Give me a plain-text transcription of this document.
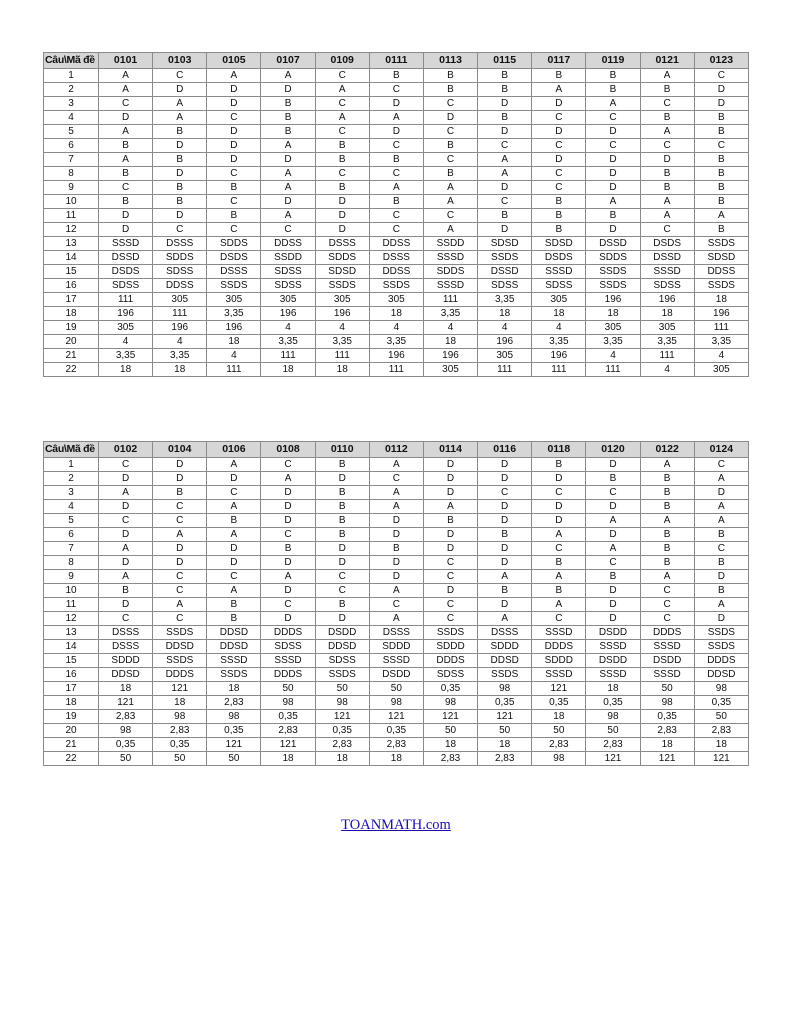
Câu\Mã đề	0101	0103	0105	0107	0109	0111	0113	0115	0117	0119	0121	0123
1	A	C	A	A	C	B	B	B	B	B	A	C
2	A	D	D	D	A	C	B	B	A	B	B	D
3	C	A	D	B	C	D	C	D	D	A	C	D
4	D	A	C	B	A	A	D	B	C	C	B	B
5	A	B	D	B	C	D	C	D	D	D	A	B
6	B	D	D	A	B	C	B	C	C	C	C	C
7	A	B	D	D	B	B	C	A	D	D	D	B
8	B	D	C	A	C	C	B	A	C	D	B	B
9	C	B	B	A	B	A	A	D	C	D	B	B
10	B	B	C	D	D	B	A	C	B	A	A	B
11	D	D	B	A	D	C	C	B	B	B	A	A
12	D	C	C	C	D	C	A	D	B	D	C	B
13	SSSD	DSSS	SDDS	DDSS	DSSS	DDSS	SSDD	SDSD	SDSD	DSSD	DSDS	SSDS
14	DSSD	SDDS	DSDS	SSDD	SDDS	DSSS	SSSD	SSDS	DSDS	SDDS	DSSD	SDSD
15	DSDS	SDSS	DSSS	SDSS	SDSD	DDSS	SDDS	DSSD	SSSD	SSDS	SSSD	DDSS
16	SDSS	DDSS	SSDS	SDSS	SSDS	SSDS	SSSD	SDSS	SDSS	SSDS	SDSS	SSDS
17	111	305	305	305	305	305	111	3,35	305	196	196	18
18	196	111	3,35	196	196	18	3,35	18	18	18	18	196
19	305	196	196	4	4	4	4	4	4	305	305	111
20	4	4	18	3,35	3,35	3,35	18	196	3,35	3,35	3,35	3,35
21	3,35	3,35	4	111	111	196	196	305	196	4	111	4
22	18	18	111	18	18	111	305	111	111	111	4	305
Câu\Mã đề	0102	0104	0106	0108	0110	0112	0114	0116	0118	0120	0122	0124
1	C	D	A	C	B	A	D	D	B	D	A	C
2	D	D	D	A	D	C	D	D	D	B	B	A
3	A	B	C	D	B	A	D	C	C	C	B	D
4	D	C	A	D	B	A	A	D	D	D	B	A
5	C	C	B	D	B	D	B	D	D	A	A	A
6	D	A	A	C	B	D	D	B	A	D	B	B
7	A	D	D	B	D	B	D	D	C	A	B	C
8	D	D	D	D	D	D	C	D	B	C	B	B
9	A	C	C	A	C	D	C	A	A	B	A	D
10	B	C	A	D	C	A	D	B	B	D	C	B
11	D	A	B	C	B	C	C	D	A	D	C	A
12	C	C	B	D	D	A	C	A	C	D	C	D
13	DSSS	SSDS	DDSD	DDDS	DSDD	DSSS	SSDS	DSSS	SSSD	DSDD	DDDS	SSDS
14	DSSS	DDSD	DDSD	SDSS	DDSD	SDDD	SDDD	SDDD	DDDS	SSSD	SSSD	SSDS
15	SDDD	SSDS	SSSD	SSSD	SDSS	SSSD	DDDS	DDSD	SDDD	DSDD	DSDD	DDDS
16	DDSD	DDDS	SSDS	DDDS	SSDS	DSDD	SDSS	SSDS	SSSD	SSSD	SSSD	DDSD
17	18	121	18	50	50	50	0,35	98	121	18	50	98
18	121	18	2,83	98	98	98	98	0,35	0,35	0,35	98	0,35
19	2,83	98	98	0,35	121	121	121	121	18	98	0,35	50
20	98	2,83	0,35	2,83	0,35	0,35	50	50	50	50	2,83	2,83
21	0,35	0,35	121	121	2,83	2,83	18	18	2,83	2,83	18	18
22	50	50	50	18	18	18	2,83	2,83	98	121	121	121
TOANMATH.com
